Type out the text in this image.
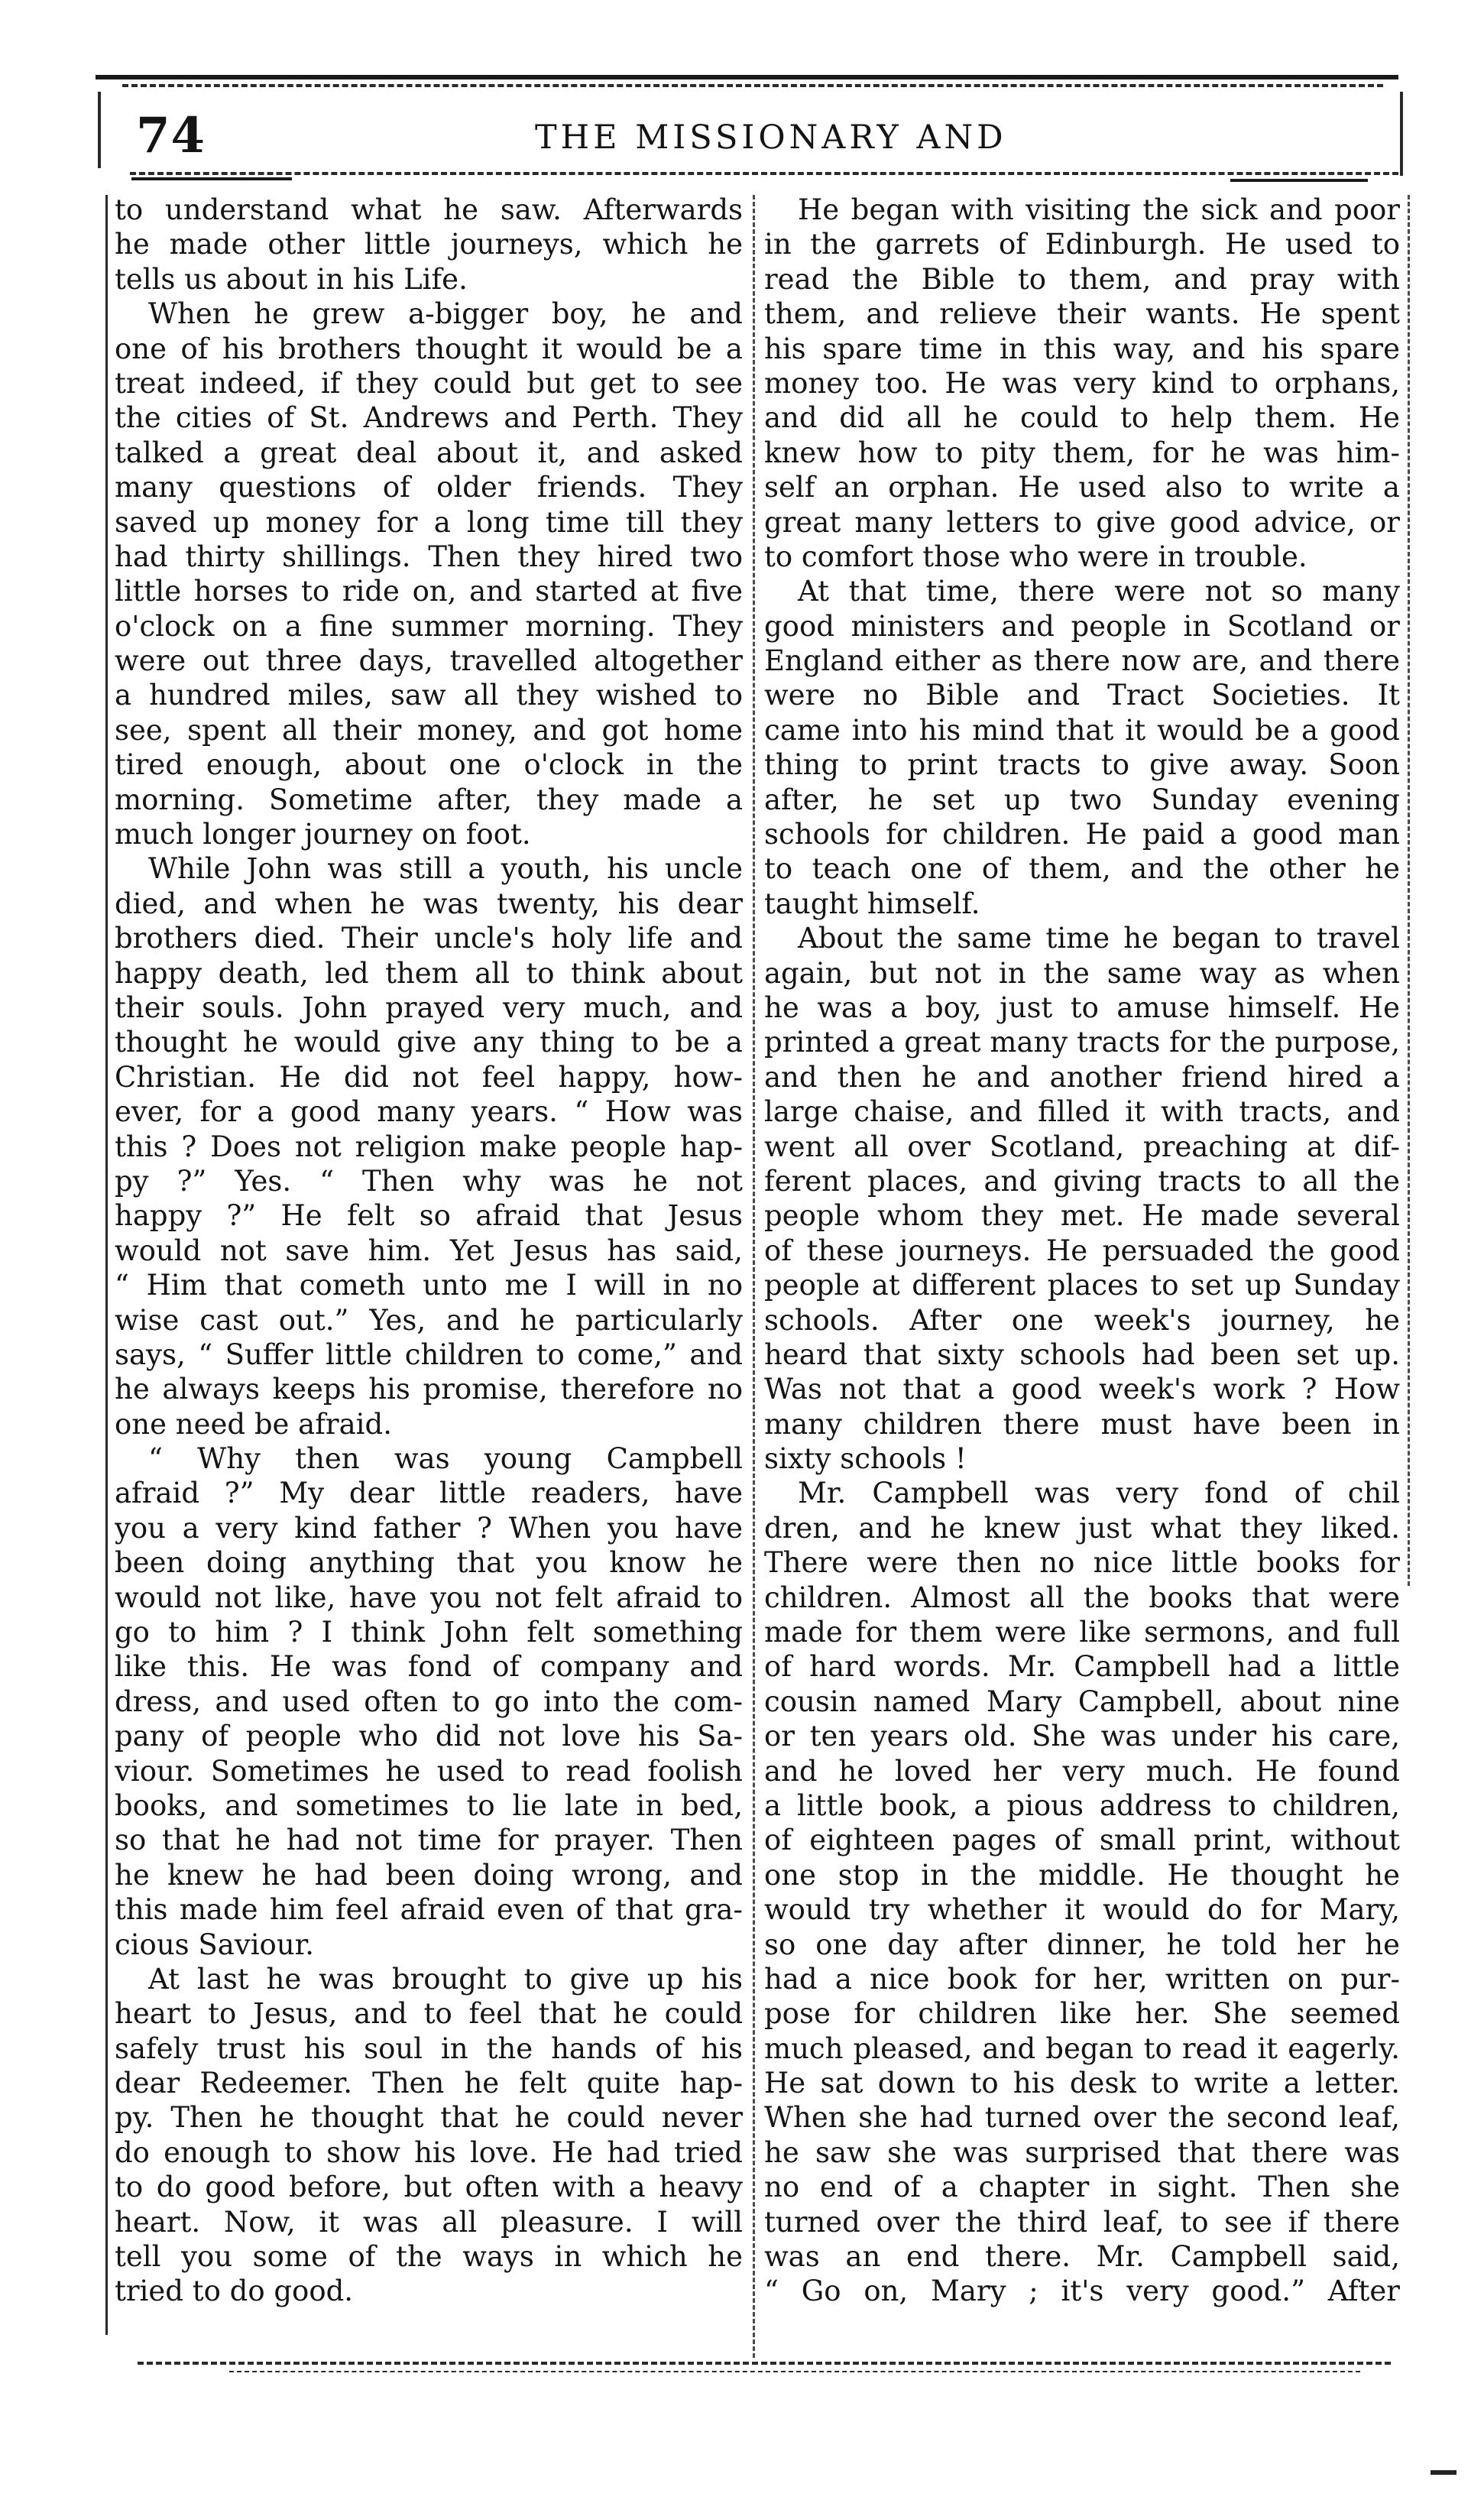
74	THE MISSIONARY AND
to understand what he saw. Afterwards
he made other little journeys, which he
tells us about in his Life.
When he grew a-bigger boy, he and
one of his brothers thought it would be a
treat indeed, if they could but get to see
the cities of St. Andrews and Perth. They
talked a great deal about it, and asked
many questions of older friends. They
saved up money for a long time till they
had thirty shillings. Then they hired two
little horses to ride on, and started at five
o'clock on a fine summer morning. They
were out three days, travelled altogether
a hundred miles, saw all they wished to
see, spent all their money, and got home
tired enough, about one o'clock in the
morning. Sometime after, they made a
much longer journey on foot.
While John was still a youth, his uncle
died, and when he was twenty, his dear
brothers died. Their uncle's holy life and
happy death, led them all to think about
their souls. John prayed very much, and
thought he would give any thing to be a
Christian. He did not feel happy, how-
ever, for a good many years. “ How was
this ? Does not religion make people hap-
py ?” Yes. “ Then why was he not
happy ?” He felt so afraid that Jesus
would not save him. Yet Jesus has said,
“ Him that cometh unto me I will in no
wise cast out.” Yes, and he particularly
says, “ Suffer little children to come,” and
he always keeps his promise, therefore no
one need be afraid.
“ Why then was young Campbell
afraid ?” My dear little readers, have
you a very kind father ? When you have
been doing anything that you know he
would not like, have you not felt afraid to
go to him ? I think John felt something
like this. He was fond of company and
dress, and used often to go into the com-
pany of people who did not love his Sa-
viour. Sometimes he used to read foolish
books, and sometimes to lie late in bed,
so that he had not time for prayer. Then
he knew he had been doing wrong, and
this made him feel afraid even of that gra-
cious Saviour.
At last he was brought to give up his
heart to Jesus, and to feel that he could
safely trust his soul in the hands of his
dear Redeemer. Then he felt quite hap-
py. Then he thought that he could never
do enough to show his love. He had tried
to do good before, but often with a heavy
heart. Now, it was all pleasure. I will
tell you some of the ways in which he
tried to do good.
He began with visiting the sick and poor
in the garrets of Edinburgh. He used to
read the Bible to them, and pray with
them, and relieve their wants. He spent
his spare time in this way, and his spare
money too. He was very kind to orphans,
and did all he could to help them. He
knew how to pity them, for he was him-
self an orphan. He used also to write a
great many letters to give good advice, or
to comfort those who were in trouble.
At that time, there were not so many
good ministers and people in Scotland or
England either as there now are, and there
were no Bible and Tract Societies. It
came into his mind that it would be a good
thing to print tracts to give away. Soon
after, he set up two Sunday evening
schools for children. He paid a good man
to teach one of them, and the other he
taught himself.
About the same time he began to travel
again, but not in the same way as when
he was a boy, just to amuse himself. He
printed a great many tracts for the purpose,
and then he and another friend hired a
large chaise, and filled it with tracts, and
went all over Scotland, preaching at dif-
ferent places, and giving tracts to all the
people whom they met. He made several
of these journeys. He persuaded the good
people at different places to set up Sunday
schools. After one week's journey, he
heard that sixty schools had been set up.
Was not that a good week's work ? How
many children there must have been in
sixty schools !
Mr. Campbell was very fond of chil
dren, and he knew just what they liked.
There were then no nice little books for
children. Almost all the books that were
made for them were like sermons, and full
of hard words. Mr. Campbell had a little
cousin named Mary Campbell, about nine
or ten years old. She was under his care,
and he loved her very much. He found
a little book, a pious address to children,
of eighteen pages of small print, without
one stop in the middle. He thought he
would try whether it would do for Mary,
so one day after dinner, he told her he
had a nice book for her, written on pur-
pose for children like her. She seemed
much pleased, and began to read it eagerly.
He sat down to his desk to write a letter.
When she had turned over the second leaf,
he saw she was surprised that there was
no end of a chapter in sight. Then she
turned over the third leaf, to see if there
was an end there. Mr. Campbell said,
“ Go on, Mary ; it's very good.” After
